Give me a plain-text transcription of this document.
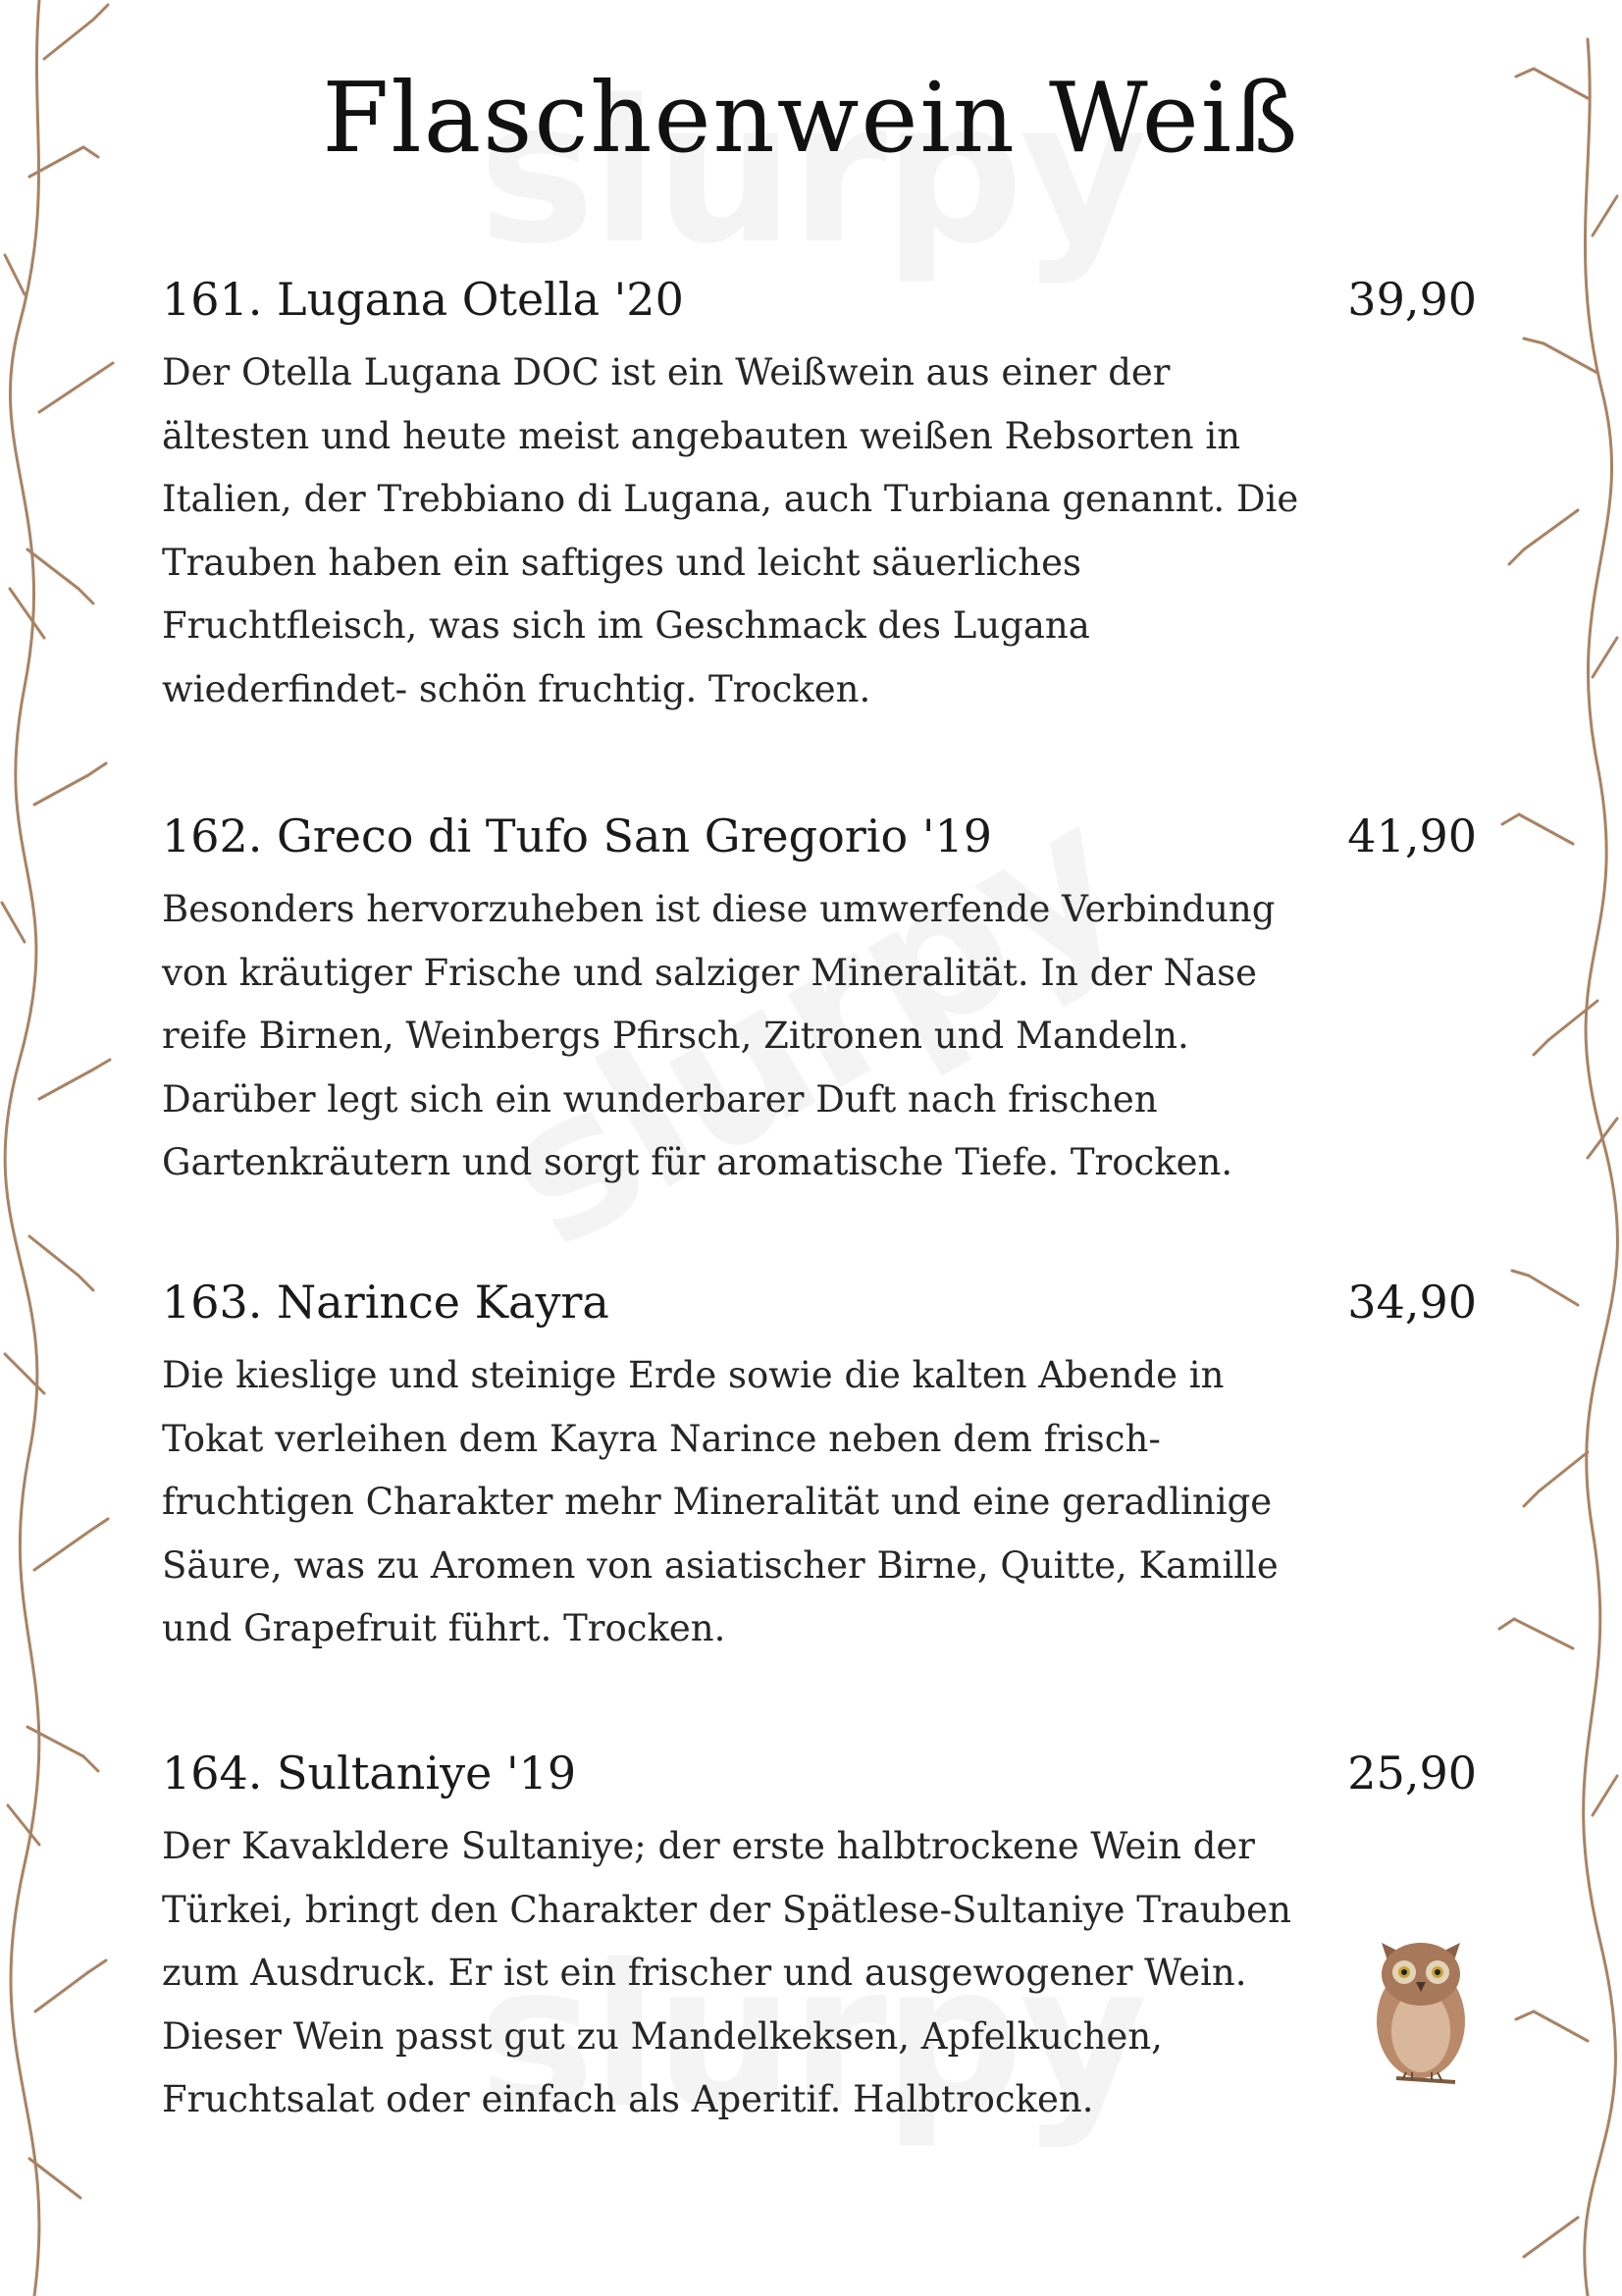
Flaschenwein Weiß
161. Lugana Otella '20	39,90
Der Otella Lugana DOC ist ein Weißwein aus einer der ältesten und heute meist angebauten weißen Rebsorten in Italien, der Trebbiano di Lugana, auch Turbiana genannt. Die Trauben haben ein saftiges und leicht säuerliches Fruchtfleisch, was sich im Geschmack des Lugana wiederfindet- schön fruchtig. Trocken.
162. Greco di Tufo San Gregorio '19	41,90
Besonders hervorzuheben ist diese umwerfende Verbindung von kräutiger Frische und salziger Mineralität. In der Nase reife Birnen, Weinbergs Pfirsch, Zitronen und Mandeln. Darüber legt sich ein wunderbarer Duft nach frischen Gartenkräutern und sorgt für aromatische Tiefe. Trocken.
163. Narince Kayra	34,90
Die kieslige und steinige Erde sowie die kalten Abende in Tokat verleihen dem Kayra Narince neben dem frisch-fruchtigen Charakter mehr Mineralität und eine geradlinige Säure, was zu Aromen von asiatischer Birne, Quitte, Kamille und Grapefruit führt. Trocken.
164. Sultaniye '19	25,90
Der Kavakldere Sultaniye; der erste halbtrockene Wein der Türkei, bringt den Charakter der Spätlese-Sultaniye Trauben zum Ausdruck. Er ist ein frischer und ausgewogener Wein. Dieser Wein passt gut zu Mandelkeksen, Apfelkuchen, Fruchtsalat oder einfach als Aperitif. Halbtrocken.
